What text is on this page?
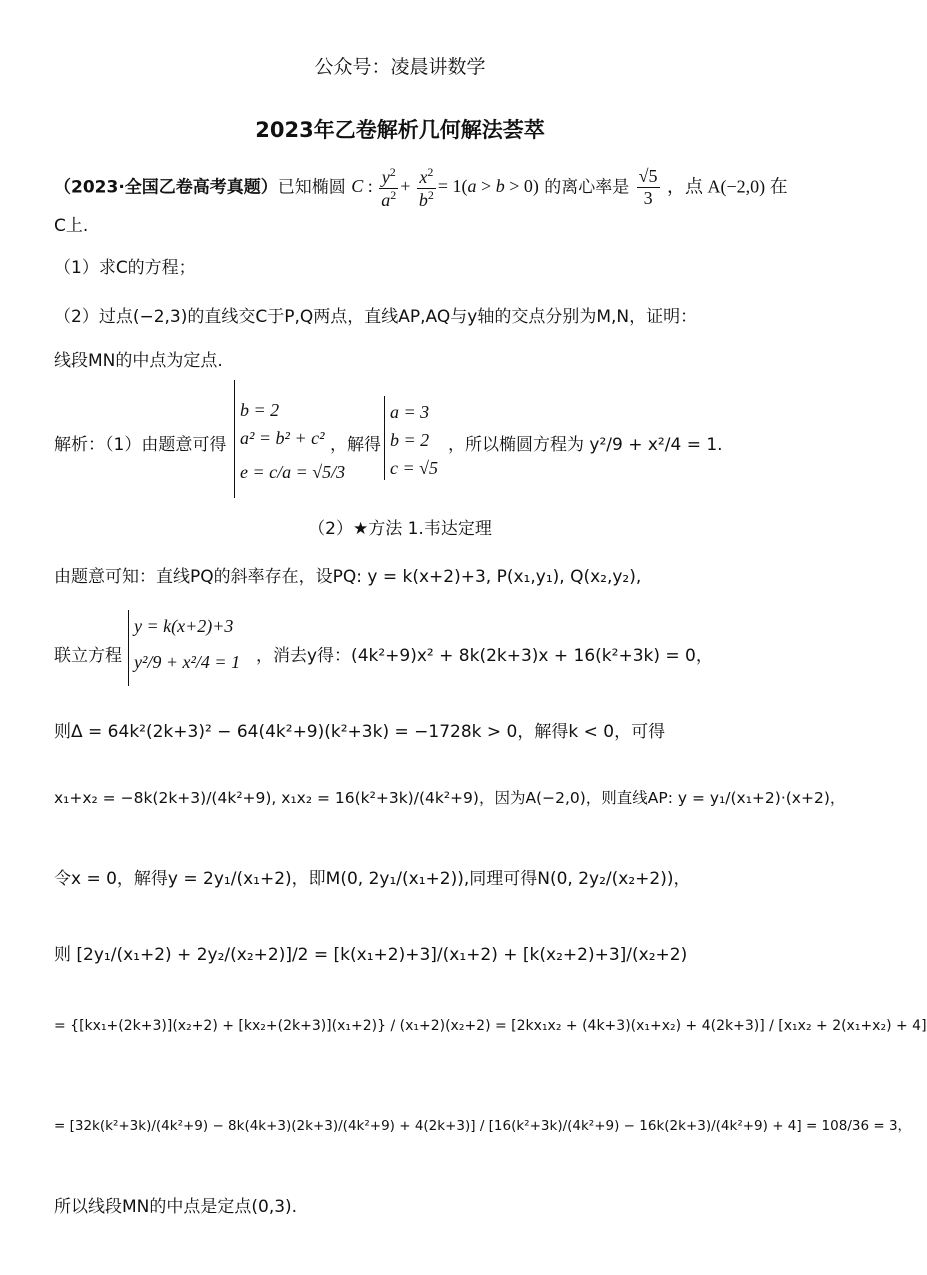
公众号：凌晨讲数学
2023年乙卷解析几何解法荟萃
（2023·全国乙卷高考真题）已知椭圆 C : $\frac{y^2}{a^2} + \frac{x^2}{b^2} = 1(a > b > 0)$ 的离心率是 $\frac{√5}{3}$ ，点 A(−2,0) 在
C上.
（1）求C的方程；
（2）过点(−2,3)的直线交C于P,Q两点，直线AP,AQ与y轴的交点分别为M,N，证明：
线段MN的中点为定点.
解析：（1）由题意可得
b = 2
a² = b² + c²
e = c/a = √5/3
，解得
a = 3
b = 2
c = √5
，所以椭圆方程为 y²/9 + x²/4 = 1.
（2）★方法 1.韦达定理
由题意可知：直线PQ的斜率存在，设PQ: y = k(x+2)+3, P(x₁,y₁), Q(x₂,y₂),
联立方程
y = k(x+2)+3
y²/9 + x²/4 = 1 ，消去y得：(4k²+9)x² + 8k(2k+3)x + 16(k²+3k) = 0，
则Δ = 64k²(2k+3)² − 64(4k²+9)(k²+3k) = −1728k > 0，解得k < 0，可得
x₁+x₂ = −8k(2k+3)/(4k²+9), x₁x₂ = 16(k²+3k)/(4k²+9)，因为A(−2,0)，则直线AP: y = y₁/(x₁+2)·(x+2)，
令x = 0，解得y = 2y₁/(x₁+2)，即M(0, 2y₁/(x₁+2)),同理可得N(0, 2y₂/(x₂+2))，
则 [2y₁/(x₁+2) + 2y₂/(x₂+2)]/2 = [k(x₁+2)+3]/(x₁+2) + [k(x₂+2)+3]/(x₂+2)
= {[kx₁+(2k+3)](x₂+2) + [kx₂+(2k+3)](x₁+2)} / (x₁+2)(x₂+2) = [2kx₁x₂ + (4k+3)(x₁+x₂) + 4(2k+3)] / [x₁x₂ + 2(x₁+x₂) + 4]
= [32k(k²+3k)/(4k²+9) − 8k(4k+3)(2k+3)/(4k²+9) + 4(2k+3)] / [16(k²+3k)/(4k²+9) − 16k(2k+3)/(4k²+9) + 4] = 108/36 = 3，
所以线段MN的中点是定点(0,3).
